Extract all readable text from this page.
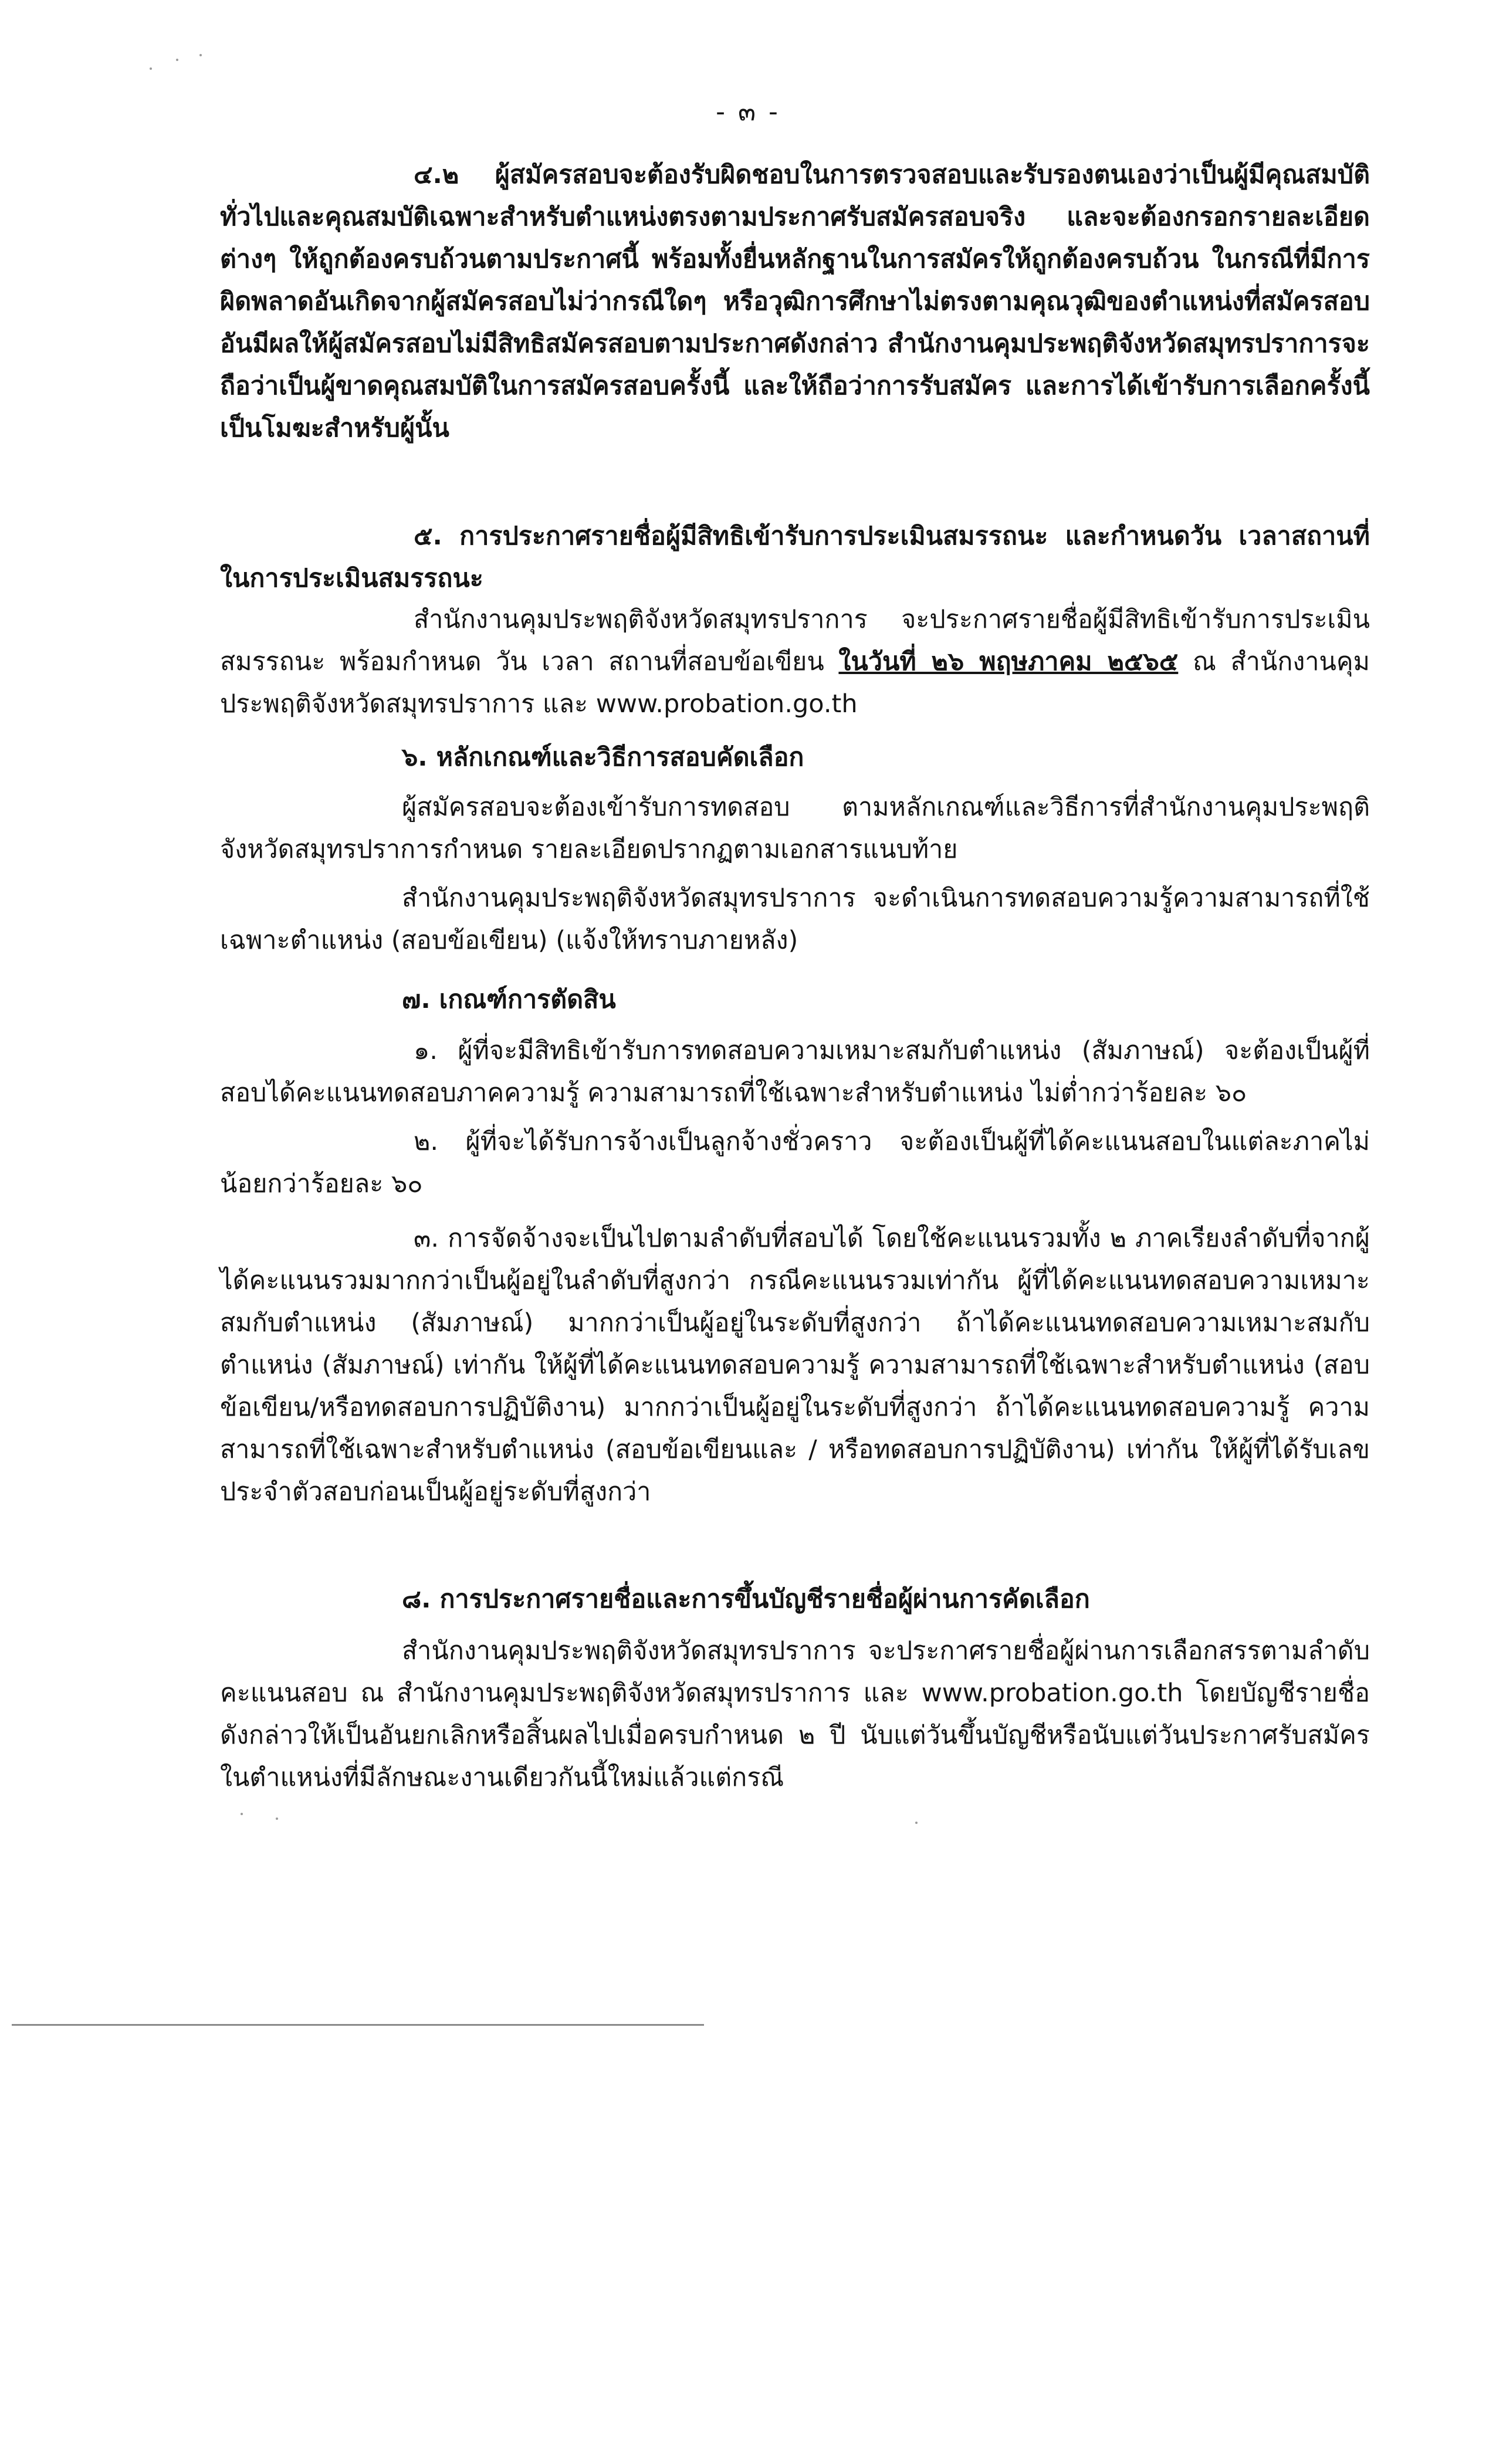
- ๓ -

๔.๒ ผู้สมัครสอบจะต้องรับผิดชอบในการตรวจสอบและรับรองตนเองว่าเป็นผู้มีคุณสมบัติทั่วไปและคุณสมบัติเฉพาะสำหรับตำแหน่งตรงตามประกาศรับสมัครสอบจริง และจะต้องกรอกรายละเอียดต่างๆ ให้ถูกต้องครบถ้วนตามประกาศนี้ พร้อมทั้งยื่นหลักฐานในการสมัครให้ถูกต้องครบถ้วน ในกรณีที่มีการผิดพลาดอันเกิดจากผู้สมัครสอบไม่ว่ากรณีใดๆ หรือวุฒิการศึกษาไม่ตรงตามคุณวุฒิของตำแหน่งที่สมัครสอบอันมีผลให้ผู้สมัครสอบไม่มีสิทธิสมัครสอบตามประกาศดังกล่าว สำนักงานคุมประพฤติจังหวัดสมุทรปราการจะถือว่าเป็นผู้ขาดคุณสมบัติในการสมัครสอบครั้งนี้ และให้ถือว่าการรับสมัคร และการได้เข้ารับการเลือกครั้งนี้เป็นโมฆะสำหรับผู้นั้น

๕. การประกาศรายชื่อผู้มีสิทธิเข้ารับการประเมินสมรรถนะ และกำหนดวัน เวลาสถานที่ในการประเมินสมรรถนะ

สำนักงานคุมประพฤติจังหวัดสมุทรปราการ จะประกาศรายชื่อผู้มีสิทธิเข้ารับการประเมินสมรรถนะ พร้อมกำหนด วัน เวลา สถานที่สอบข้อเขียน ในวันที่ ๒๖ พฤษภาคม ๒๕๖๕ ณ สำนักงานคุมประพฤติจังหวัดสมุทรปราการ และ www.probation.go.th

๖. หลักเกณฑ์และวิธีการสอบคัดเลือก

ผู้สมัครสอบจะต้องเข้ารับการทดสอบ ตามหลักเกณฑ์และวิธีการที่สำนักงานคุมประพฤติจังหวัดสมุทรปราการกำหนด รายละเอียดปรากฏตามเอกสารแนบท้าย

สำนักงานคุมประพฤติจังหวัดสมุทรปราการ จะดำเนินการทดสอบความรู้ความสามารถที่ใช้เฉพาะตำแหน่ง (สอบข้อเขียน) (แจ้งให้ทราบภายหลัง)

๗. เกณฑ์การตัดสิน

๑. ผู้ที่จะมีสิทธิเข้ารับการทดสอบความเหมาะสมกับตำแหน่ง (สัมภาษณ์) จะต้องเป็นผู้ที่สอบได้คะแนนทดสอบภาคความรู้ ความสามารถที่ใช้เฉพาะสำหรับตำแหน่ง ไม่ต่ำกว่าร้อยละ ๖๐

๒. ผู้ที่จะได้รับการจ้างเป็นลูกจ้างชั่วคราว จะต้องเป็นผู้ที่ได้คะแนนสอบในแต่ละภาคไม่น้อยกว่าร้อยละ ๖๐

๓. การจัดจ้างจะเป็นไปตามลำดับที่สอบได้ โดยใช้คะแนนรวมทั้ง ๒ ภาคเรียงลำดับที่จากผู้ได้คะแนนรวมมากกว่าเป็นผู้อยู่ในลำดับที่สูงกว่า กรณีคะแนนรวมเท่ากัน ผู้ที่ได้คะแนนทดสอบความเหมาะสมกับตำแหน่ง (สัมภาษณ์) มากกว่าเป็นผู้อยู่ในระดับที่สูงกว่า ถ้าได้คะแนนทดสอบความเหมาะสมกับตำแหน่ง (สัมภาษณ์) เท่ากัน ให้ผู้ที่ได้คะแนนทดสอบความรู้ ความสามารถที่ใช้เฉพาะสำหรับตำแหน่ง (สอบข้อเขียน/หรือทดสอบการปฏิบัติงาน) มากกว่าเป็นผู้อยู่ในระดับที่สูงกว่า ถ้าได้คะแนนทดสอบความรู้ ความสามารถที่ใช้เฉพาะสำหรับตำแหน่ง (สอบข้อเขียนและ / หรือทดสอบการปฏิบัติงาน) เท่ากัน ให้ผู้ที่ได้รับเลขประจำตัวสอบก่อนเป็นผู้อยู่ระดับที่สูงกว่า

๘. การประกาศรายชื่อและการขึ้นบัญชีรายชื่อผู้ผ่านการคัดเลือก

สำนักงานคุมประพฤติจังหวัดสมุทรปราการ จะประกาศรายชื่อผู้ผ่านการเลือกสรรตามลำดับคะแนนสอบ ณ สำนักงานคุมประพฤติจังหวัดสมุทรปราการ และ www.probation.go.th โดยบัญชีรายชื่อดังกล่าวให้เป็นอันยกเลิกหรือสิ้นผลไปเมื่อครบกำหนด ๒ ปี นับแต่วันขึ้นบัญชีหรือนับแต่วันประกาศรับสมัครในตำแหน่งที่มีลักษณะงานเดียวกันนี้ใหม่แล้วแต่กรณี
